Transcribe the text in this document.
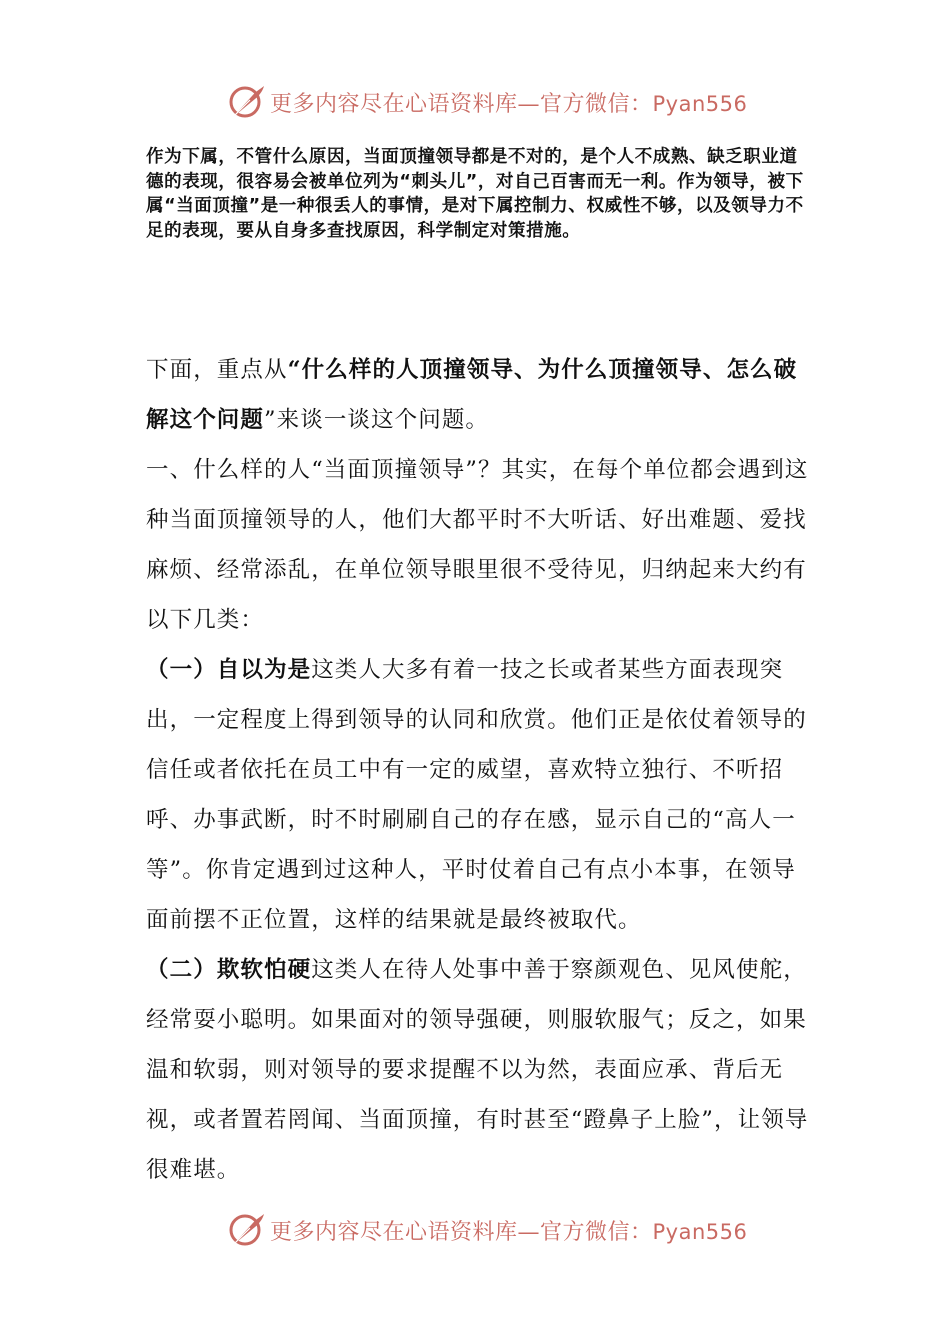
更多内容尽在心语资料库—官方微信：Pyan556

作为下属，不管什么原因，当面顶撞领导都是不对的，是个人不成熟、缺乏职业道德的表现，很容易会被单位列为“刺头儿”，对自己百害而无一利。作为领导，被下属“当面顶撞”是一种很丢人的事情，是对下属控制力、权威性不够，以及领导力不足的表现，要从自身多查找原因，科学制定对策措施。

下面，重点从“什么样的人顶撞领导、为什么顶撞领导、怎么破解这个问题”来谈一谈这个问题。

一、什么样的人“当面顶撞领导”？其实，在每个单位都会遇到这种当面顶撞领导的人，他们大都平时不大听话、好出难题、爱找麻烦、经常添乱，在单位领导眼里很不受待见，归纳起来大约有以下几类：

（一）自以为是这类人大多有着一技之长或者某些方面表现突出，一定程度上得到领导的认同和欣赏。他们正是依仗着领导的信任或者依托在员工中有一定的威望，喜欢特立独行、不听招呼、办事武断，时不时刷刷自己的存在感，显示自己的“高人一等”。你肯定遇到过这种人，平时仗着自己有点小本事，在领导面前摆不正位置，这样的结果就是最终被取代。

（二）欺软怕硬这类人在待人处事中善于察颜观色、见风使舵，经常耍小聪明。如果面对的领导强硬，则服软服气；反之，如果温和软弱，则对领导的要求提醒不以为然，表面应承、背后无视，或者置若罔闻、当面顶撞，有时甚至“蹬鼻子上脸”，让领导很难堪。

更多内容尽在心语资料库—官方微信：Pyan556
